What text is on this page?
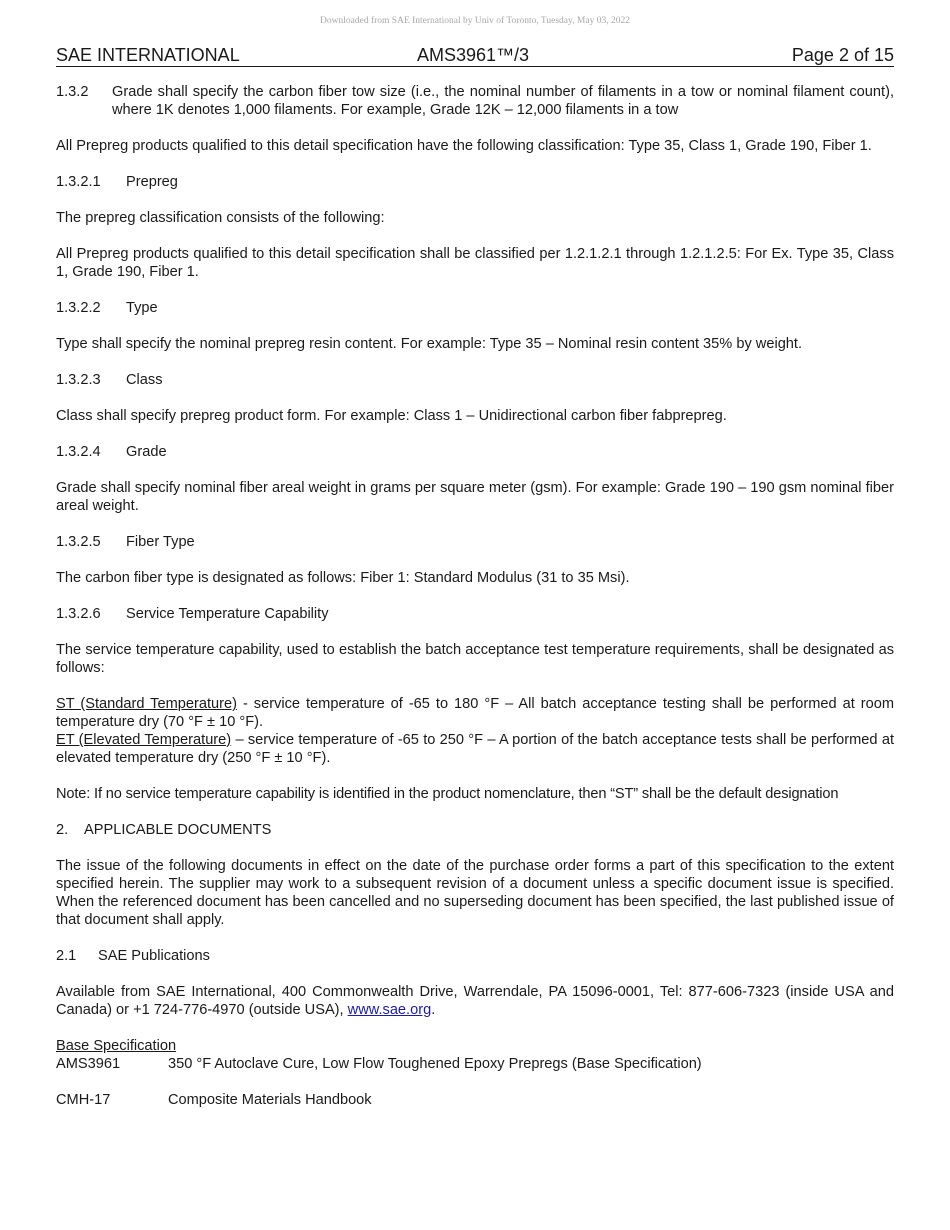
Downloaded from SAE International by Univ of Toronto, Tuesday, May 03, 2022
SAE INTERNATIONAL	AMS3961™/3	Page 2 of 15
1.3.2	Grade shall specify the carbon fiber tow size (i.e., the nominal number of filaments in a tow or nominal filament count), where 1K denotes 1,000 filaments. For example, Grade 12K – 12,000 filaments in a tow

All Prepreg products qualified to this detail specification have the following classification: Type 35, Class 1, Grade 190, Fiber 1.

1.3.2.1	Prepreg

The prepreg classification consists of the following:

All Prepreg products qualified to this detail specification shall be classified per 1.2.1.2.1 through 1.2.1.2.5: For Ex. Type 35, Class 1, Grade 190, Fiber 1.

1.3.2.2	Type

Type shall specify the nominal prepreg resin content. For example: Type 35 – Nominal resin content 35% by weight.

1.3.2.3	Class

Class shall specify prepreg product form. For example: Class 1 – Unidirectional carbon fiber fabprepreg.

1.3.2.4	Grade

Grade shall specify nominal fiber areal weight in grams per square meter (gsm). For example: Grade 190 – 190 gsm nominal fiber areal weight.

1.3.2.5	Fiber Type

The carbon fiber type is designated as follows: Fiber 1: Standard Modulus (31 to 35 Msi).

1.3.2.6	Service Temperature Capability

The service temperature capability, used to establish the batch acceptance test temperature requirements, shall be designated as follows:

ST (Standard Temperature) - service temperature of -65 to 180 °F – All batch acceptance testing shall be performed at room temperature dry (70 °F ± 10 °F).

ET (Elevated Temperature) – service temperature of -65 to 250 °F – A portion of the batch acceptance tests shall be performed at elevated temperature dry (250 °F ± 10 °F).

Note: If no service temperature capability is identified in the product nomenclature, then “ST” shall be the default designation

2.	APPLICABLE DOCUMENTS

The issue of the following documents in effect on the date of the purchase order forms a part of this specification to the extent specified herein. The supplier may work to a subsequent revision of a document unless a specific document issue is specified. When the referenced document has been cancelled and no superseding document has been specified, the last published issue of that document shall apply.

2.1	SAE Publications

Available from SAE International, 400 Commonwealth Drive, Warrendale, PA 15096-0001, Tel: 877-606-7323 (inside USA and Canada) or +1 724-776-4970 (outside USA), www.sae.org.

Base Specification
AMS3961	350 °F Autoclave Cure, Low Flow Toughened Epoxy Prepregs (Base Specification)
CMH-17	Composite Materials Handbook
